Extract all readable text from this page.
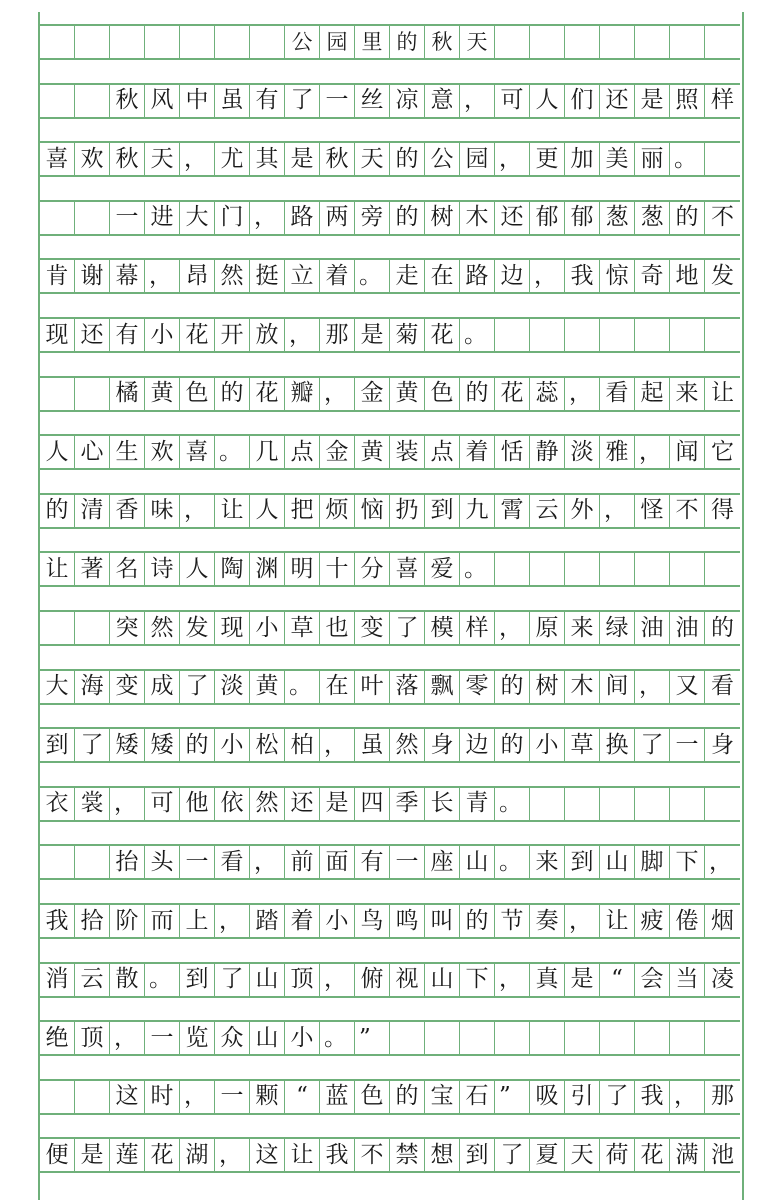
公 园 里 的 秋 天
秋 风 中 虽 有 了 一 丝 凉 意 ， 可 人 们 还 是 照 样
喜 欢 秋 天 ， 尤 其 是 秋 天 的 公 园 ， 更 加 美 丽 。
一 进 大 门 ， 路 两 旁 的 树 木 还 郁 郁 葱 葱 的 不
肯 谢 幕 ， 昂 然 挺 立 着 。 走 在 路 边 ， 我 惊 奇 地 发
现 还 有 小 花 开 放 ， 那 是 菊 花 。
橘 黄 色 的 花 瓣 ， 金 黄 色 的 花 蕊 ， 看 起 来 让
人 心 生 欢 喜 。 几 点 金 黄 装 点 着 恬 静 淡 雅 ， 闻 它
的 清 香 味 ， 让 人 把 烦 恼 扔 到 九 霄 云 外 ， 怪 不 得
让 著 名 诗 人 陶 渊 明 十 分 喜 爱 。
突 然 发 现 小 草 也 变 了 模 样 ， 原 来 绿 油 油 的
大 海 变 成 了 淡 黄 。 在 叶 落 飘 零 的 树 木 间 ， 又 看
到 了 矮 矮 的 小 松 柏 ， 虽 然 身 边 的 小 草 换 了 一 身
衣 裳 ， 可 他 依 然 还 是 四 季 长 青 。
抬 头 一 看 ， 前 面 有 一 座 山 。 来 到 山 脚 下 ，
我 拾 阶 而 上 ， 踏 着 小 鸟 鸣 叫 的 节 奏 ， 让 疲 倦 烟
消 云 散 。 到 了 山 顶 ， 俯 视 山 下 ， 真 是 “ 会 当 凌
绝 顶 ， 一 览 众 山 小 。 ”
这 时 ， 一 颗 “ 蓝 色 的 宝 石 ”	吸 引 了 我 ， 那
便 是 莲 花 湖 ， 这 让 我 不 禁 想 到 了 夏 天 荷 花 满 池
